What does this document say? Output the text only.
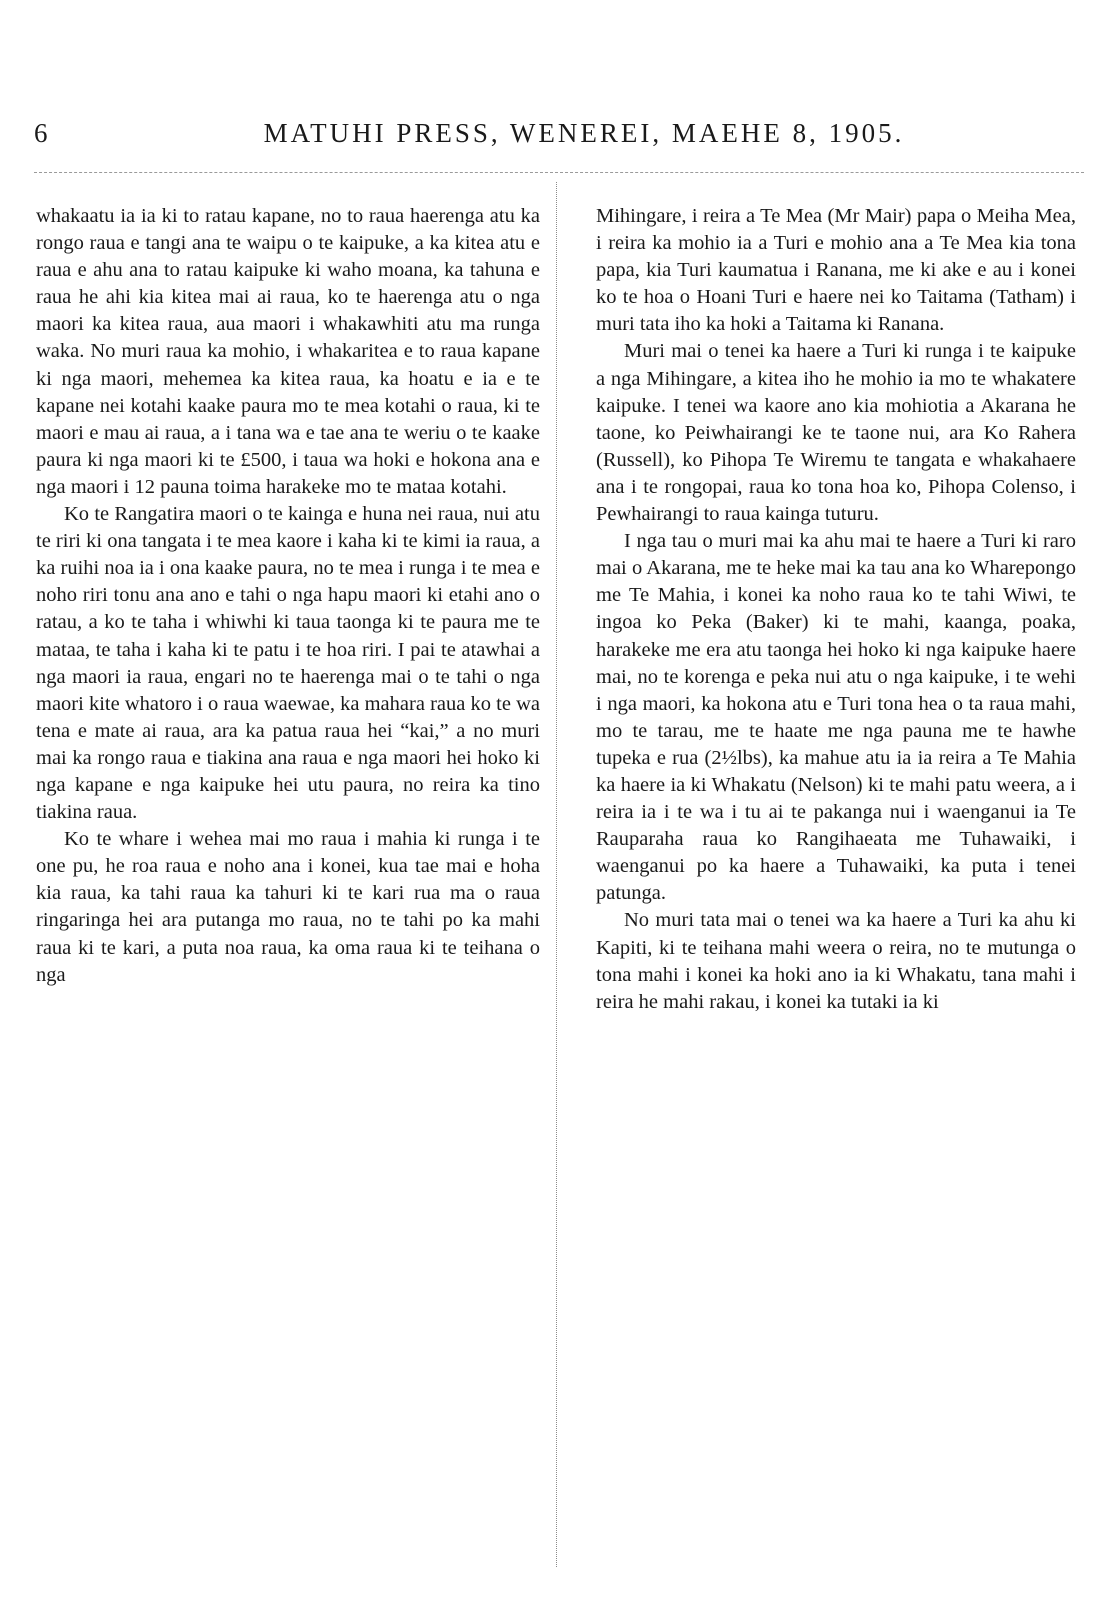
6	MATUHI PRESS, WENEREI, MAEHE 8, 1905.

whakaatu ia ia ki to ratau kapane, no to raua haerenga atu ka rongo raua e tangi ana te waipu o te kaipuke, a ka kitea atu e raua e ahu ana to ratau kaipuke ki waho moana, ka tahuna e raua he ahi kia kitea mai ai raua, ko te haerenga atu o nga maori ka kitea raua, aua maori i whakawhiti atu ma runga waka. No muri raua ka mohio, i whakaritea e to raua kapane ki nga maori, mehemea ka kitea raua, ka hoatu e ia e te kapane nei kotahi kaake paura mo te mea kotahi o raua, ki te maori e mau ai raua, a i tana wa e tae ana te weriu o te kaake paura ki nga maori ki te £500, i taua wa hoki e hokona ana e nga maori i 12 pauna toima harakeke mo te mataa kotahi.

Ko te Rangatira maori o te kainga e huna nei raua, nui atu te riri ki ona tangata i te mea kaore i kaha ki te kimi ia raua, a ka ruihi noa ia i ona kaake paura, no te mea i runga i te mea e noho riri tonu ana ano e tahi o nga hapu maori ki etahi ano o ratau, a ko te taha i whiwhi ki taua taonga ki te paura me te mataa, te taha i kaha ki te patu i te hoa riri. I pai te atawhai a nga maori ia raua, engari no te haerenga mai o te tahi o nga maori kite whatoro i o raua waewae, ka mahara raua ko te wa tena e mate ai raua, ara ka patua raua hei “kai,” a no muri mai ka rongo raua e tiakina ana raua e nga maori hei hoko ki nga kapane e nga kaipuke hei utu paura, no reira ka tino tiakina raua.

Ko te whare i wehea mai mo raua i mahia ki runga i te one pu, he roa raua e noho ana i konei, kua tae mai e hoha kia raua, ka tahi raua ka tahuri ki te kari rua ma o raua ringaringa hei ara putanga mo raua, no te tahi po ka mahi raua ki te kari, a puta noa raua, ka oma raua ki te teihana o nga

Mihingare, i reira a Te Mea (Mr Mair) papa o Meiha Mea, i reira ka mohio ia a Turi e mohio ana a Te Mea kia tona papa, kia Turi kaumatua i Ranana, me ki ake e au i konei ko te hoa o Hoani Turi e haere nei ko Taitama (Tatham) i muri tata iho ka hoki a Taitama ki Ranana.

Muri mai o tenei ka haere a Turi ki runga i te kaipuke a nga Mihingare, a kitea iho he mohio ia mo te whakatere kaipuke. I tenei wa kaore ano kia mohiotia a Akarana he taone, ko Peiwhairangi ke te taone nui, ara Ko Rahera (Russell), ko Pihopa Te Wiremu te tangata e whakahaere ana i te rongopai, raua ko tona hoa ko, Pihopa Colenso, i Pewhairangi to raua kainga tuturu.

I nga tau o muri mai ka ahu mai te haere a Turi ki raro mai o Akarana, me te heke mai ka tau ana ko Wharepongo me Te Mahia, i konei ka noho raua ko te tahi Wiwi, te ingoa ko Peka (Baker) ki te mahi, kaanga, poaka, harakeke me era atu taonga hei hoko ki nga kaipuke haere mai, no te korenga e peka nui atu o nga kaipuke, i te wehi i nga maori, ka hokona atu e Turi tona hea o ta raua mahi, mo te tarau, me te haate me nga pauna me te hawhe tupeka e rua (2½lbs), ka mahue atu ia ia reira a Te Mahia ka haere ia ki Whakatu (Nelson) ki te mahi patu weera, a i reira ia i te wa i tu ai te pakanga nui i waenganui ia Te Rauparaha raua ko Rangihaeata me Tuhawaiki, i waenganui po ka haere a Tuhawaiki, ka puta i tenei patunga.

No muri tata mai o tenei wa ka haere a Turi ka ahu ki Kapiti, ki te teihana mahi weera o reira, no te mutunga o tona mahi i konei ka hoki ano ia ki Whakatu, tana mahi i reira he mahi rakau, i konei ka tutaki ia ki
